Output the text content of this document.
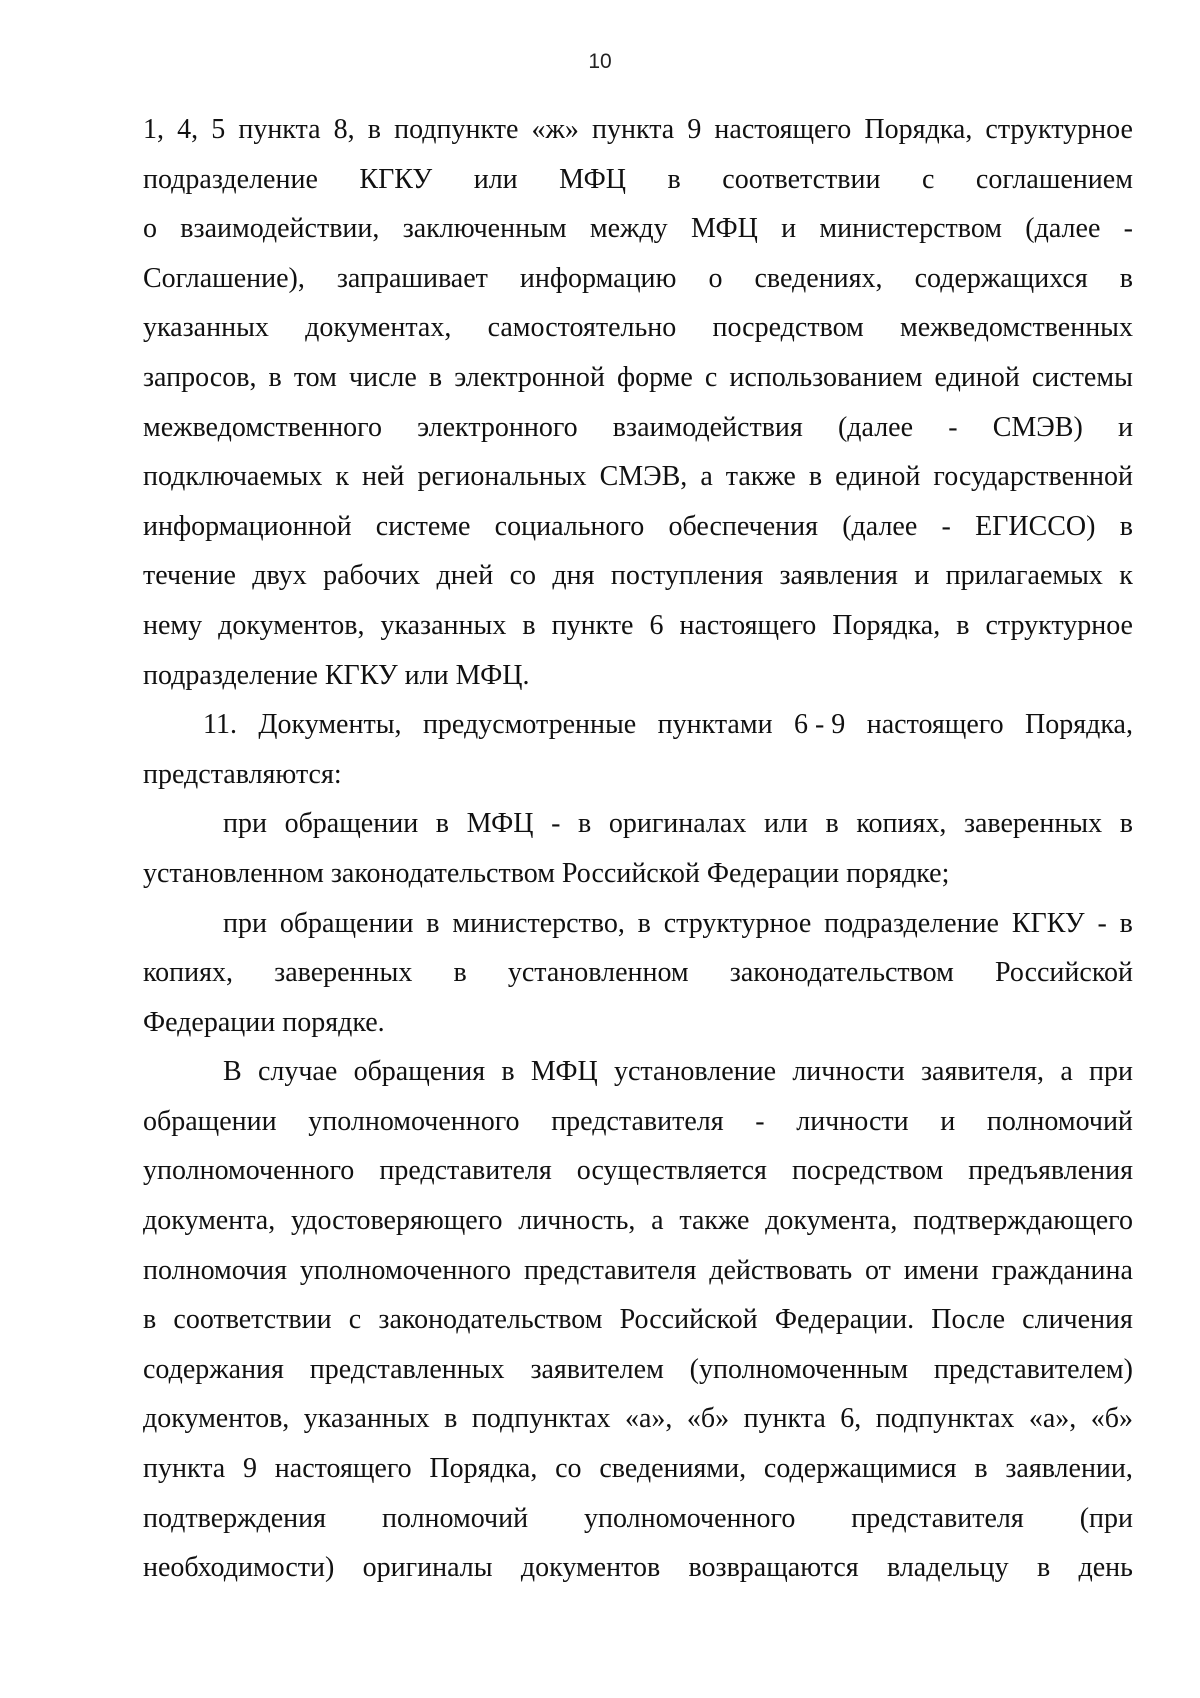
10
1, 4, 5 пункта 8, в подпункте «ж» пункта 9 настоящего Порядка, структурное
подразделение КГКУ или МФЦ в соответствии с соглашением
о взаимодействии, заключенным между МФЦ и министерством (далее -
Соглашение), запрашивает информацию о сведениях, содержащихся в
указанных документах, самостоятельно посредством межведомственных
запросов, в том числе в электронной форме с использованием единой системы
межведомственного электронного взаимодействия (далее - СМЭВ) и
подключаемых к ней региональных СМЭВ, а также в единой государственной
информационной системе социального обеспечения (далее - ЕГИССО) в
течение двух рабочих дней со дня поступления заявления и прилагаемых к
нему документов, указанных в пункте 6 настоящего Порядка, в структурное
подразделение КГКУ или МФЦ.
11. Документы, предусмотренные пунктами 6 - 9 настоящего Порядка,
представляются:
при обращении в МФЦ - в оригиналах или в копиях, заверенных в
установленном законодательством Российской Федерации порядке;
при обращении в министерство, в структурное подразделение КГКУ - в
копиях, заверенных в установленном законодательством Российской
Федерации порядке.
В случае обращения в МФЦ установление личности заявителя, а при
обращении уполномоченного представителя - личности и полномочий
уполномоченного представителя осуществляется посредством предъявления
документа, удостоверяющего личность, а также документа, подтверждающего
полномочия уполномоченного представителя действовать от имени гражданина
в соответствии с законодательством Российской Федерации. После сличения
содержания представленных заявителем (уполномоченным представителем)
документов, указанных в подпунктах «а», «б» пункта 6, подпунктах «а», «б»
пункта 9 настоящего Порядка, со сведениями, содержащимися в заявлении,
подтверждения полномочий уполномоченного представителя (при
необходимости) оригиналы документов возвращаются владельцу в день
